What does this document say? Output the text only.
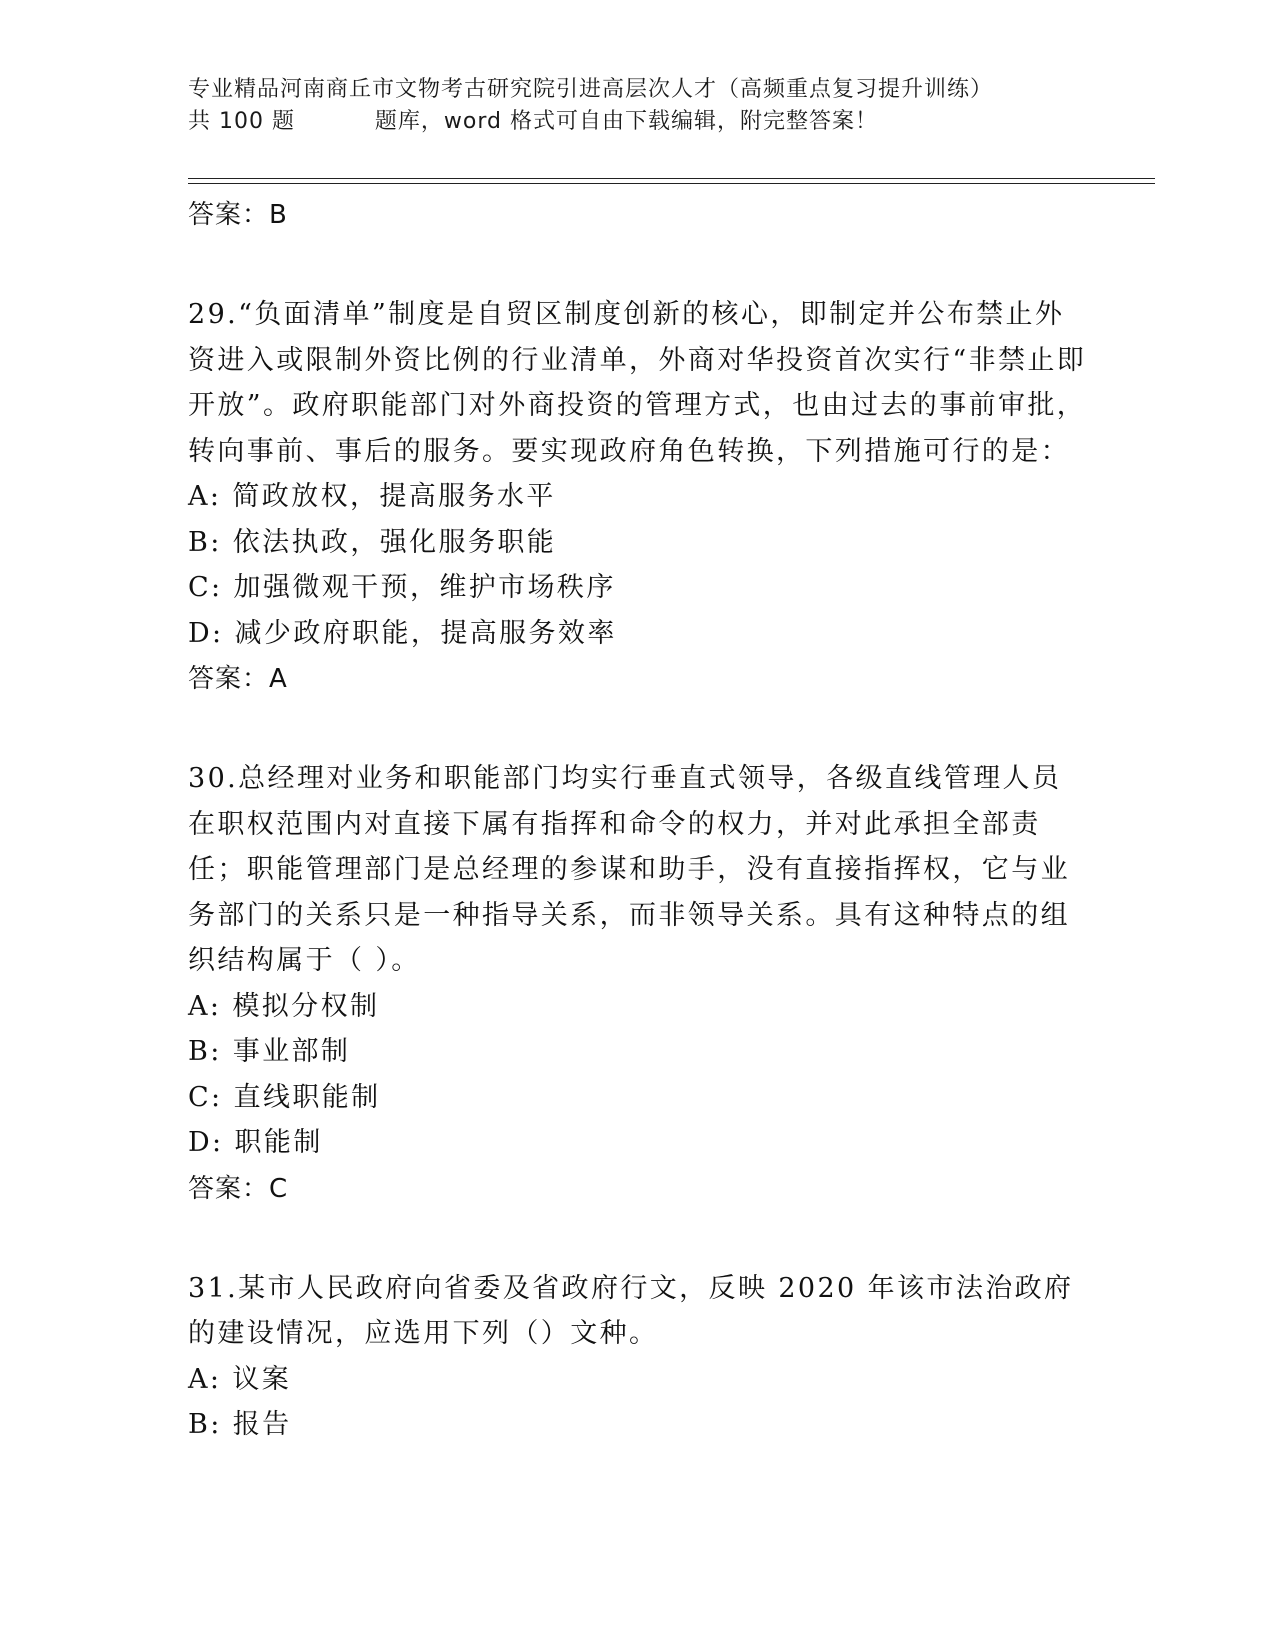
专业精品河南商丘市文物考古研究院引进高层次人才（高频重点复习提升训练）
共 100 题          题库，word 格式可自由下载编辑，附完整答案！
答案：B

29.“负面清单”制度是自贸区制度创新的核心，即制定并公布禁止外资进入或限制外资比例的行业清单，外商对华投资首次实行“非禁止即开放”。政府职能部门对外商投资的管理方式，也由过去的事前审批，转向事前、事后的服务。要实现政府角色转换，下列措施可行的是：

A: 简政放权，提高服务水平
B: 依法执政，强化服务职能
C: 加强微观干预，维护市场秩序
D: 减少政府职能，提高服务效率
答案：A

30.总经理对业务和职能部门均实行垂直式领导，各级直线管理人员在职权范围内对直接下属有指挥和命令的权力，并对此承担全部责任；职能管理部门是总经理的参谋和助手，没有直接指挥权，它与业务部门的关系只是一种指导关系，而非领导关系。具有这种特点的组织结构属于（ ）。

A: 模拟分权制
B: 事业部制
C: 直线职能制
D: 职能制
答案：C

31.某市人民政府向省委及省政府行文，反映 2020 年该市法治政府的建设情况，应选用下列（）文种。

A: 议案
B: 报告
